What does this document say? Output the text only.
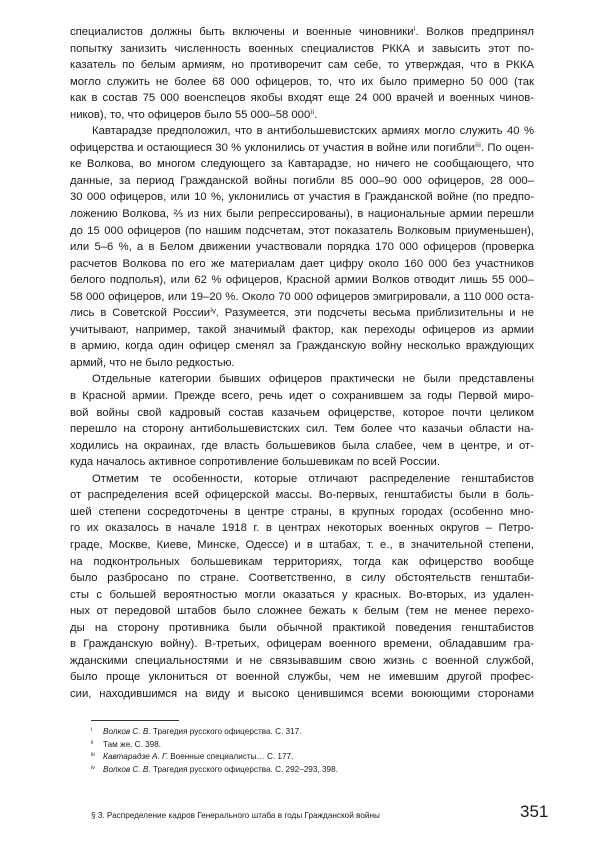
специалистов должны быть включены и военные чиновникиⁱ. Волков предпринял
попытку занизить численность военных специалистов РККА и завысить этот по-
казатель по белым армиям, но противоречит сам себе, то утверждая, что в РККА
могло служить не более 68 000 офицеров, то, что их было примерно 50 000 (так
как в состав 75 000 военспецов якобы входят еще 24 000 врачей и военных чинов-
ников), то, что офицеров было 55 000–58 000ⁱⁱ.
Кавтарадзе предположил, что в антибольшевистских армиях могло служить 40 %
офицерства и остающиеся 30 % уклонились от участия в войне или погиблиⁱⁱⁱ. По оцен-
ке Волкова, во многом следующего за Кавтарадзе, но ничего не сообщающего, что
данные, за период Гражданской войны погибли 85 000–90 000 офицеров, 28 000–
30 000 офицеров, или 10 %, уклонились от участия в Гражданской войне (по предпо-
ложению Волкова, ⅔ из них были репрессированы), в национальные армии перешли
до 15 000 офицеров (по нашим подсчетам, этот показатель Волковым приуменьшен),
или 5–6 %, а в Белом движении участвовали порядка 170 000 офицеров (проверка
расчетов Волкова по его же материалам дает цифру около 160 000 без участников
белого подполья), или 62 % офицеров, Красной армии Волков отводит лишь 55 000–
58 000 офицеров, или 19–20 %. Около 70 000 офицеров эмигрировали, а 110 000 оста-
лись в Советской Россииⁱᵛ. Разумеется, эти подсчеты весьма приблизительны и не
учитывают, например, такой значимый фактор, как переходы офицеров из армии
в армию, когда один офицер сменял за Гражданскую войну несколько враждующих
армий, что не было редкостью.
Отдельные категории бывших офицеров практически не были представлены
в Красной армии. Прежде всего, речь идет о сохранившем за годы Первой миро-
вой войны свой кадровый состав казачьем офицерстве, которое почти целиком
перешло на сторону антибольшевистских сил. Тем более что казачьи области на-
ходились на окраинах, где власть большевиков была слабее, чем в центре, и от-
куда началось активное сопротивление большевикам по всей России.
Отметим те особенности, которые отличают распределение генштабистов
от распределения всей офицерской массы. Во-первых, генштабисты были в боль-
шей степени сосредоточены в центре страны, в крупных городах (особенно мно-
го их оказалось в начале 1918 г. в центрах некоторых военных округов – Петро-
граде, Москве, Киеве, Минске, Одессе) и в штабах, т. е., в значительной степени,
на подконтрольных большевикам территориях, тогда как офицерство вообще
было разбросано по стране. Соответственно, в силу обстоятельств генштаби-
сты с большей вероятностью могли оказаться у красных. Во-вторых, из удален-
ных от передовой штабов было сложнее бежать к белым (тем не менее перехо-
ды на сторону противника были обычной практикой поведения генштабистов
в Гражданскую войну). В-третьих, офицерам военного времени, обладавшим гра-
жданскими специальностями и не связывавшим свою жизнь с военной службой,
было проще уклониться от военной службы, чем не имевшим другой профес-
сии, находившимся на виду и высоко ценившимся всеми воюющими сторонами
i Волков С. В. Трагедия русского офицерства. С. 317.
ii Там же. С. 398.
iii Кавтарадзе А. Г. Военные специалисты… С. 177.
iv Волков С. В. Трагедия русского офицерства. С. 292–293, 398.
§ 3. Распределение кадров Генерального штаба в годы Гражданской войны	351
